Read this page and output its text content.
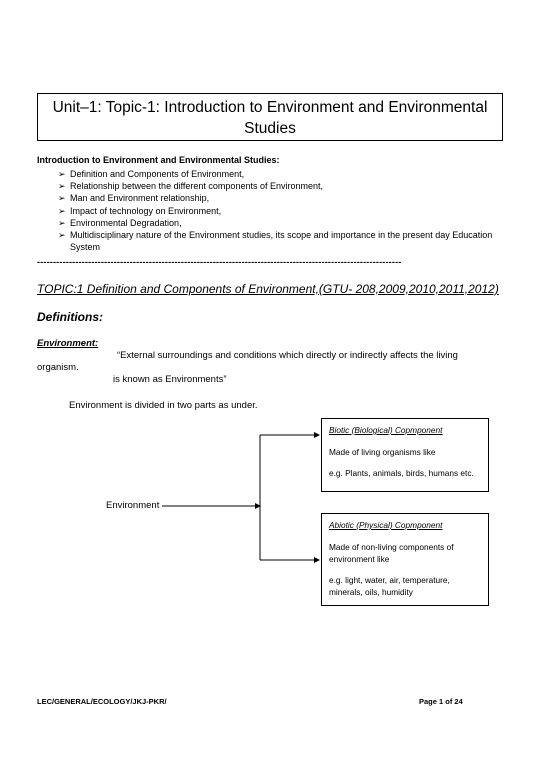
Unit–1: Topic-1: Introduction to Environment and Environmental
Studies
Introduction to Environment and Environmental Studies:
➢ Definition and Components of Environment,
➢ Relationship between the different components of Environment,
➢ Man and Environment relationship,
➢ Impact of technology on Environment,
➢ Environmental Degradation,
➢ Multidisciplinary nature of the Environment studies, its scope and importance in the present day Education System
------------------------------------------------------------------------------------------------------------------
TOPIC:1 Definition and Components of Environment,(GTU- 208,2009,2010,2011,2012)
Definitions:
Environment:
“External surroundings and conditions which directly or indirectly affects the living
organism.
is known as Environments”
Environment is divided in two parts as under.
Environment
Biotic (Biological) Copmponent

Made of living organisms like

e.g. Plants, animals, birds, humans etc.

Abiotic (Physical) Copmponent

Made of non-living components of environment like

e.g. light, water, air, temperature, minerals, oils, humidity

LEC/GENERAL/ECOLOGY/JKJ-PKR/	Page 1 of 24
